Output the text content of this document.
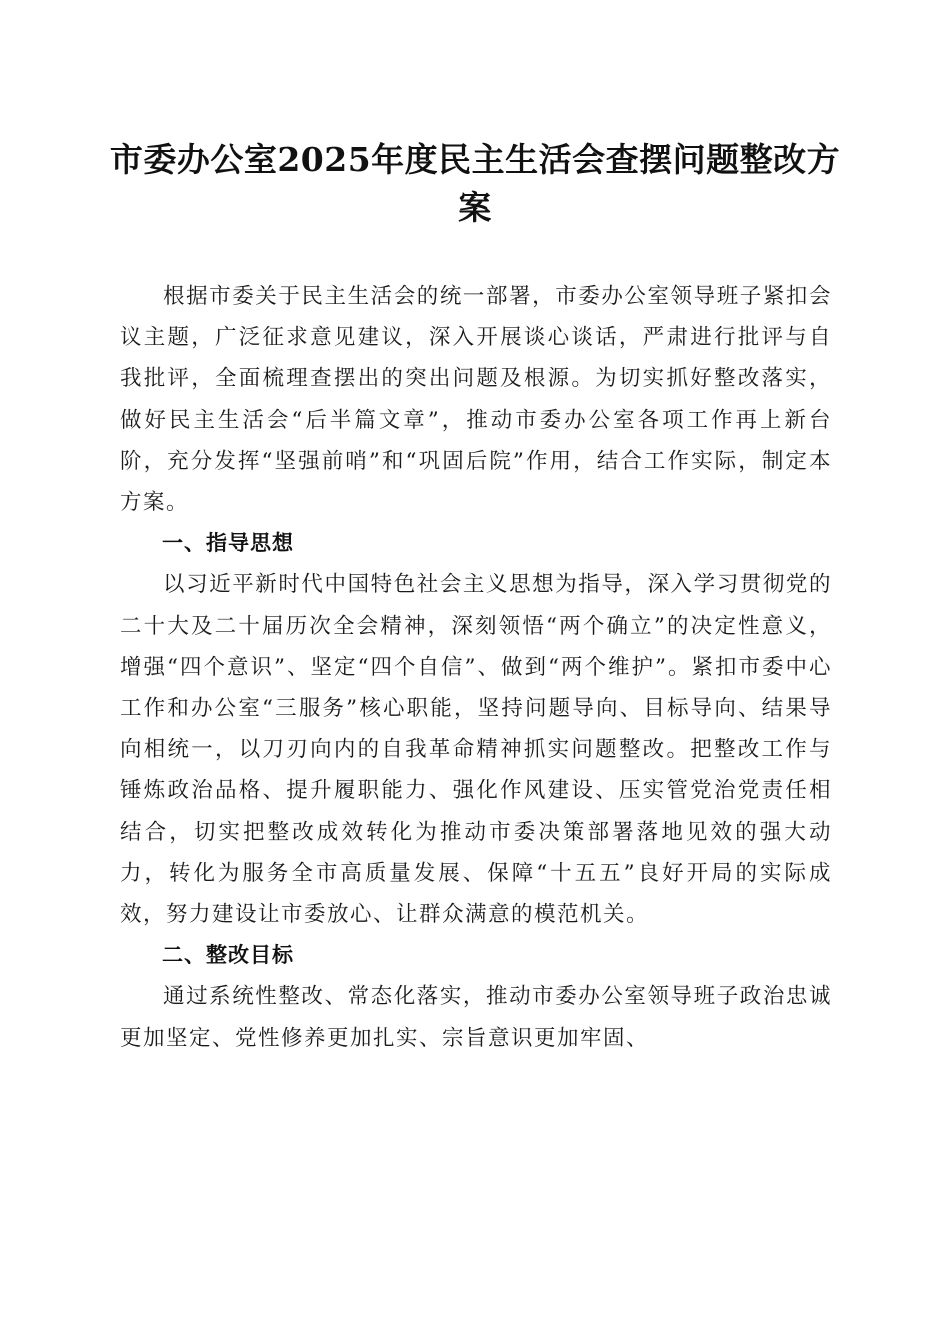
市委办公室2025年度民主生活会查摆问题整改方案

根据市委关于民主生活会的统一部署，市委办公室领导班子紧扣会议主题，广泛征求意见建议，深入开展谈心谈话，严肃进行批评与自我批评，全面梳理查摆出的突出问题及根源。为切实抓好整改落实，做好民主生活会“后半篇文章”，推动市委办公室各项工作再上新台阶，充分发挥“坚强前哨”和“巩固后院”作用，结合工作实际，制定本方案。

一、指导思想

以习近平新时代中国特色社会主义思想为指导，深入学习贯彻党的二十大及二十届历次全会精神，深刻领悟“两个确立”的决定性意义，增强“四个意识”、坚定“四个自信”、做到“两个维护”。紧扣市委中心工作和办公室“三服务”核心职能，坚持问题导向、目标导向、结果导向相统一，以刀刃向内的自我革命精神抓实问题整改。把整改工作与锤炼政治品格、提升履职能力、强化作风建设、压实管党治党责任相结合，切实把整改成效转化为推动市委决策部署落地见效的强大动力，转化为服务全市高质量发展、保障“十五五”良好开局的实际成效，努力建设让市委放心、让群众满意的模范机关。

二、整改目标

通过系统性整改、常态化落实，推动市委办公室领导班子政治忠诚更加坚定、党性修养更加扎实、宗旨意识更加牢固、
